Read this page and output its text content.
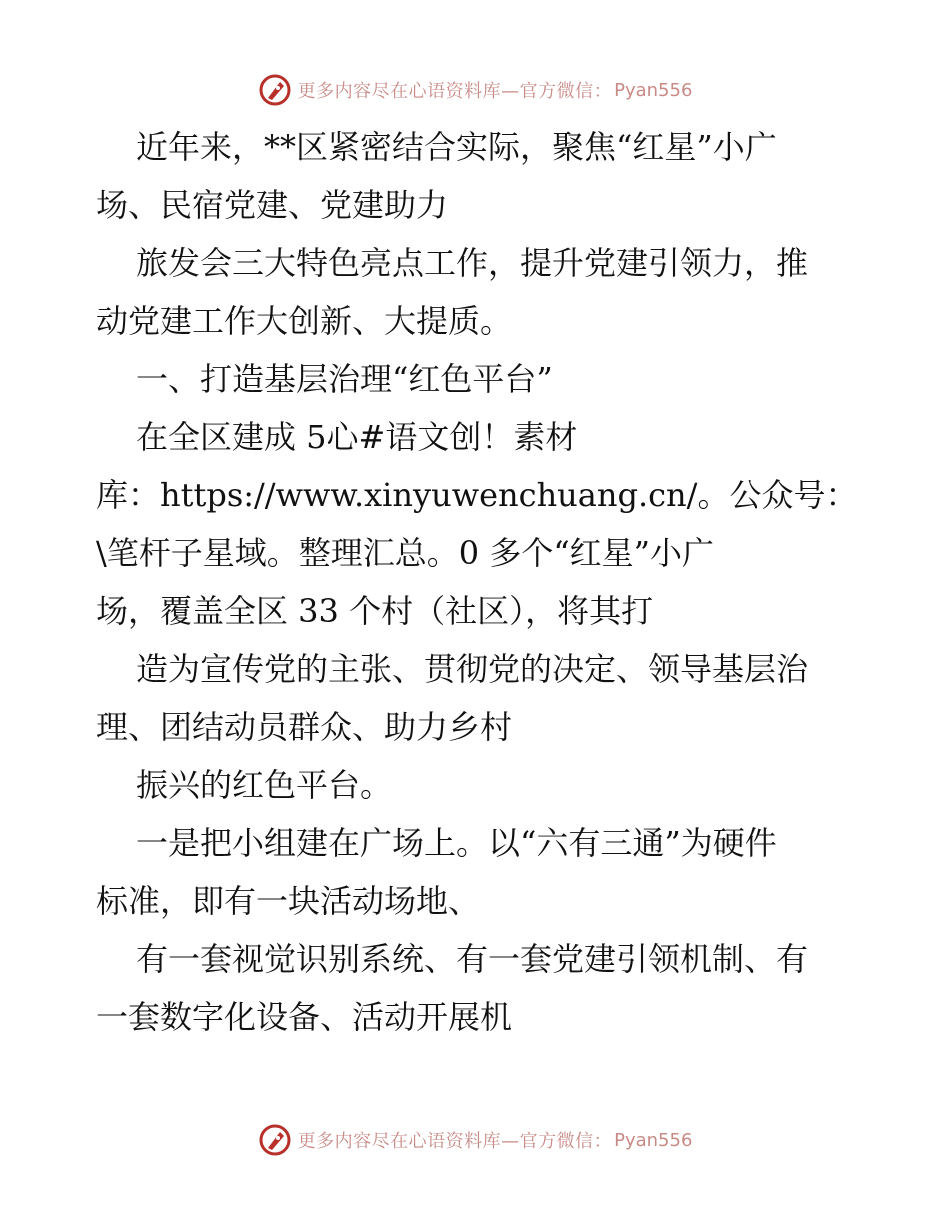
更多内容尽在心语资料库—官方微信： Pyan556
近年来，**区紧密结合实际，聚焦“红星”小广
场、民宿党建、党建助力
旅发会三大特色亮点工作，提升党建引领力，推
动党建工作大创新、大提质。
一、打造基层治理“红色平台”
在全区建成 5心#语文创！素材
库：https://www.xinyuwenchuang.cn/。公众号：
\笔杆子星域。整理汇总。0 多个“红星”小广
场，覆盖全区 33 个村（社区），将其打
造为宣传党的主张、贯彻党的决定、领导基层治
理、团结动员群众、助力乡村
振兴的红色平台。
一是把小组建在广场上。以“六有三通”为硬件
标准，即有一块活动场地、
有一套视觉识别系统、有一套党建引领机制、有
一套数字化设备、活动开展机
更多内容尽在心语资料库—官方微信： Pyan556
